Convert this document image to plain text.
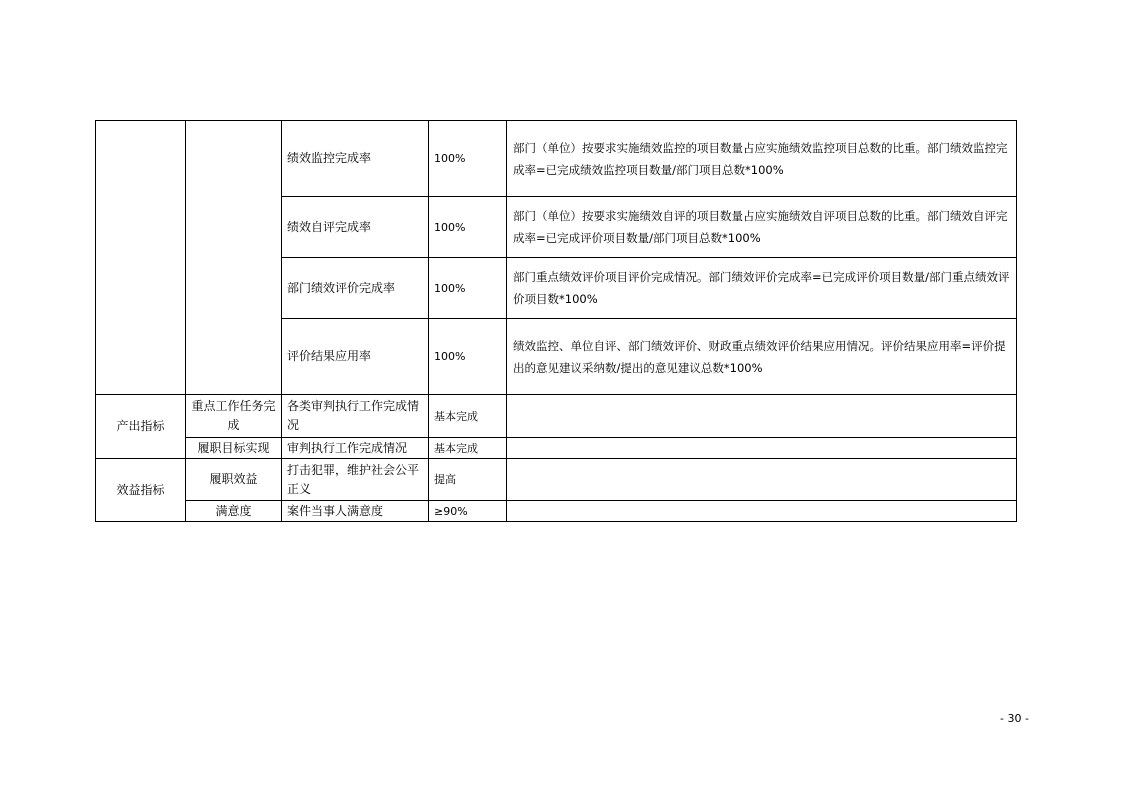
		绩效监控完成率	100%	部门（单位）按要求实施绩效监控的项目数量占应实施绩效监控项目总数的比重。部门绩效监控完成率=已完成绩效监控项目数量/部门项目总数*100%
		绩效自评完成率	100%	部门（单位）按要求实施绩效自评的项目数量占应实施绩效自评项目总数的比重。部门绩效自评完成率=已完成评价项目数量/部门项目总数*100%
		部门绩效评价完成率	100%	部门重点绩效评价项目评价完成情况。部门绩效评价完成率=已完成评价项目数量/部门重点绩效评价项目数*100%
		评价结果应用率	100%	绩效监控、单位自评、部门绩效评价、财政重点绩效评价结果应用情况。评价结果应用率=评价提出的意见建议采纳数/提出的意见建议总数*100%
产出指标	重点工作任务完成	各类审判执行工作完成情况	基本完成	
	履职目标实现	审判执行工作完成情况	基本完成	
效益指标	履职效益	打击犯罪，维护社会公平正义	提高	
	满意度	案件当事人满意度	≥90%	
- 30 -
